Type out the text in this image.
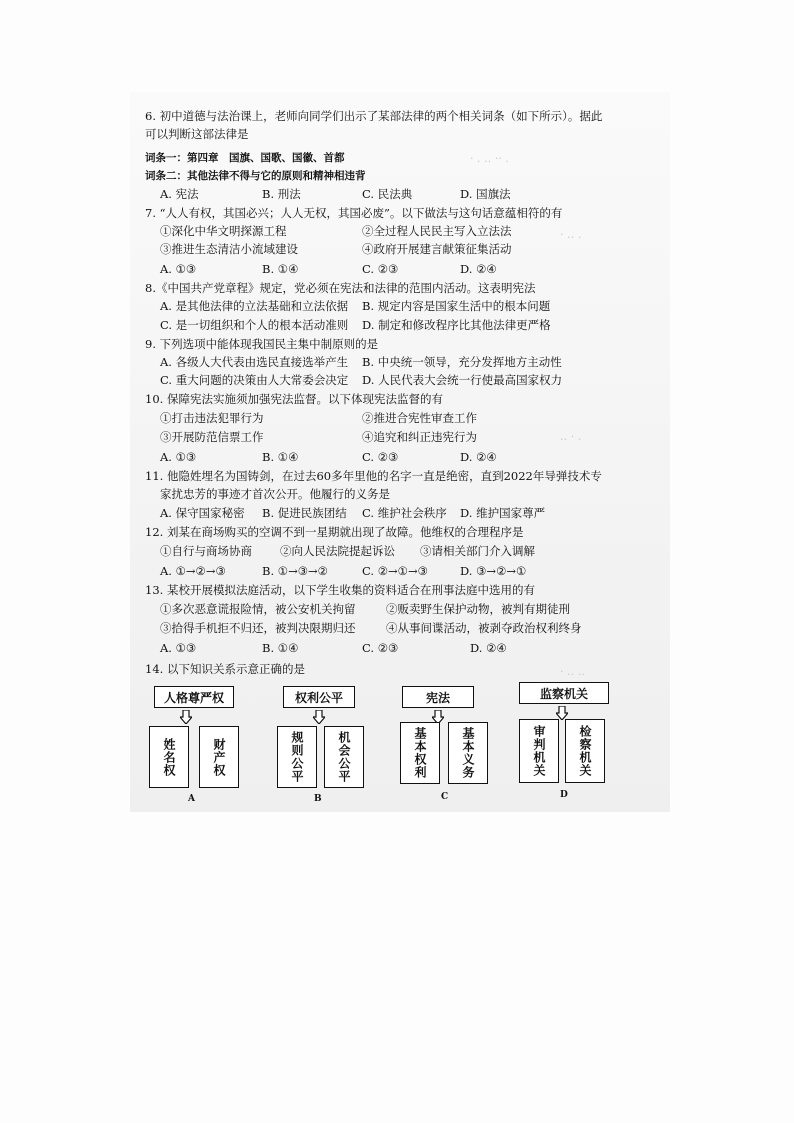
· . ‥ ·· .
· ‥ .
‥ · .
· ‥ ..
6. 初中道德与法治课上，老师向同学们出示了某部法律的两个相关词条（如下所示）。据此
可以判断这部法律是
词条一：第四章　国旗、国歌、国徽、首都
词条二：其他法律不得与它的原则和精神相违背
A. 宪法	B. 刑法	C. 民法典	D. 国旗法
7. “人人有权，其国必兴；人人无权，其国必废”。以下做法与这句话意蕴相符的有
①深化中华文明探源工程	②全过程人民民主写入立法法
③推进生态清洁小流域建设	④政府开展建言献策征集活动
A. ①③	B. ①④	C. ②③	D. ②④
8.《中国共产党章程》规定，党必须在宪法和法律的范围内活动。这表明宪法
A. 是其他法律的立法基础和立法依据 B. 规定内容是国家生活中的根本问题
C. 是一切组织和个人的根本活动准则 D. 制定和修改程序比其他法律更严格
9. 下列选项中能体现我国民主集中制原则的是
A. 各级人大代表由选民直接选举产生 B. 中央统一领导，充分发挥地方主动性
C. 重大问题的决策由人大常委会决定 D. 人民代表大会统一行使最高国家权力
10. 保障宪法实施须加强宪法监督。以下体现宪法监督的有
①打击违法犯罪行为	②推进合宪性审查工作
③开展防范信票工作	④追究和纠正违宪行为
A. ①③	B. ①④	C. ②③	D. ②④
11. 他隐姓埋名为国铸剑，在过去60多年里他的名字一直是绝密，直到2022年导弹技术专
家扰忠芳的事迹才首次公开。他履行的义务是
A. 保守国家秘密 B. 促进民族团结 C. 维护社会秩序 D. 维护国家尊严
12. 刘某在商场购买的空调不到一星期就出现了故障。他维权的合理程序是
①自行与商场协商 ②向人民法院提起诉讼 ③请相关部门介入调解
A. ①→②→③	B. ①→③→②	C. ②→①→③	D. ③→②→①
13. 某校开展模拟法庭活动，以下学生收集的资料适合在刑事法庭中选用的有
①多次恶意谎报险情，被公安机关拘留	②贩卖野生保护动物，被判有期徒刑
③拾得手机拒不归还，被判决限期归还	④从事间谍活动，被剥夺政治权利终身
A. ①③	B. ①④	C. ②③	D. ②④
14. 以下知识关系示意正确的是
人格尊严权
姓名权	财产权
A
权利公平
规则公平	机会公平
B
宪法
基本权利	基本义务
C
监察机关
审判机关	检察机关
D
